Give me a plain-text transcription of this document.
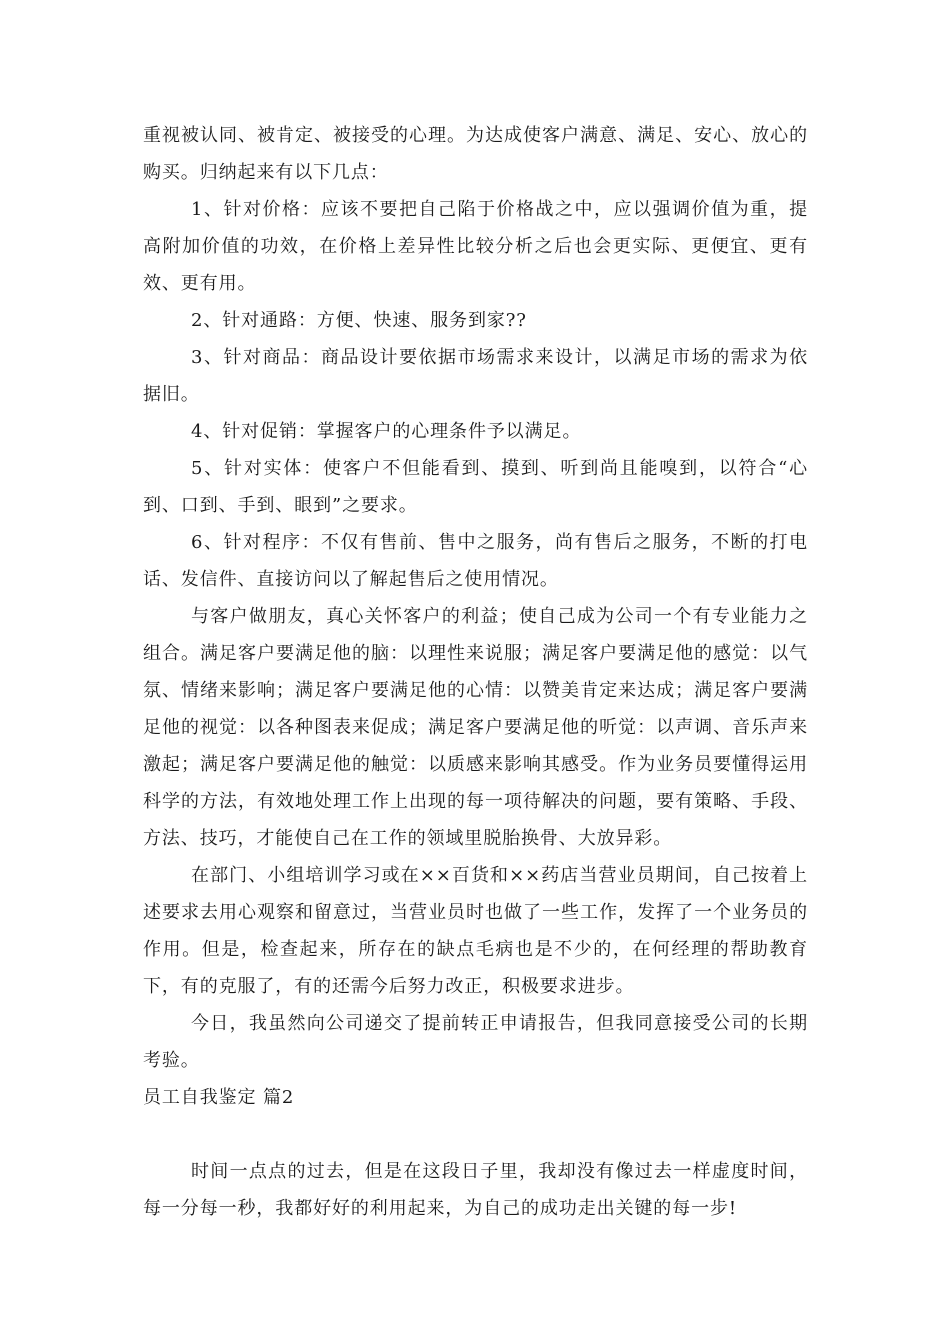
重视被认同、被肯定、被接受的心理。为达成使客户满意、满足、安心、放心的购买。归纳起来有以下几点：

1、针对价格：应该不要把自己陷于价格战之中，应以强调价值为重，提高附加价值的功效，在价格上差异性比较分析之后也会更实际、更便宜、更有效、更有用。

2、针对通路：方便、快速、服务到家??

3、针对商品：商品设计要依据市场需求来设计，以满足市场的需求为依据旧。

4、针对促销：掌握客户的心理条件予以满足。

5、针对实体：使客户不但能看到、摸到、听到尚且能嗅到，以符合“心到、口到、手到、眼到”之要求。

6、针对程序：不仅有售前、售中之服务，尚有售后之服务，不断的打电话、发信件、直接访问以了解起售后之使用情况。

与客户做朋友，真心关怀客户的利益；使自己成为公司一个有专业能力之组合。满足客户要满足他的脑：以理性来说服；满足客户要满足他的感觉：以气氛、情绪来影响；满足客户要满足他的心情：以赞美肯定来达成；满足客户要满足他的视觉：以各种图表来促成；满足客户要满足他的听觉：以声调、音乐声来激起；满足客户要满足他的触觉：以质感来影响其感受。作为业务员要懂得运用科学的方法，有效地处理工作上出现的每一项待解决的问题，要有策略、手段、方法、技巧，才能使自己在工作的领域里脱胎换骨、大放异彩。

在部门、小组培训学习或在××百货和××药店当营业员期间，自己按着上述要求去用心观察和留意过，当营业员时也做了一些工作，发挥了一个业务员的作用。但是，检查起来，所存在的缺点毛病也是不少的，在何经理的帮助教育下，有的克服了，有的还需今后努力改正，积极要求进步。

今日，我虽然向公司递交了提前转正申请报告，但我同意接受公司的长期考验。

员工自我鉴定 篇2

时间一点点的过去，但是在这段日子里，我却没有像过去一样虚度时间，每一分每一秒，我都好好的利用起来，为自己的成功走出关键的每一步!
